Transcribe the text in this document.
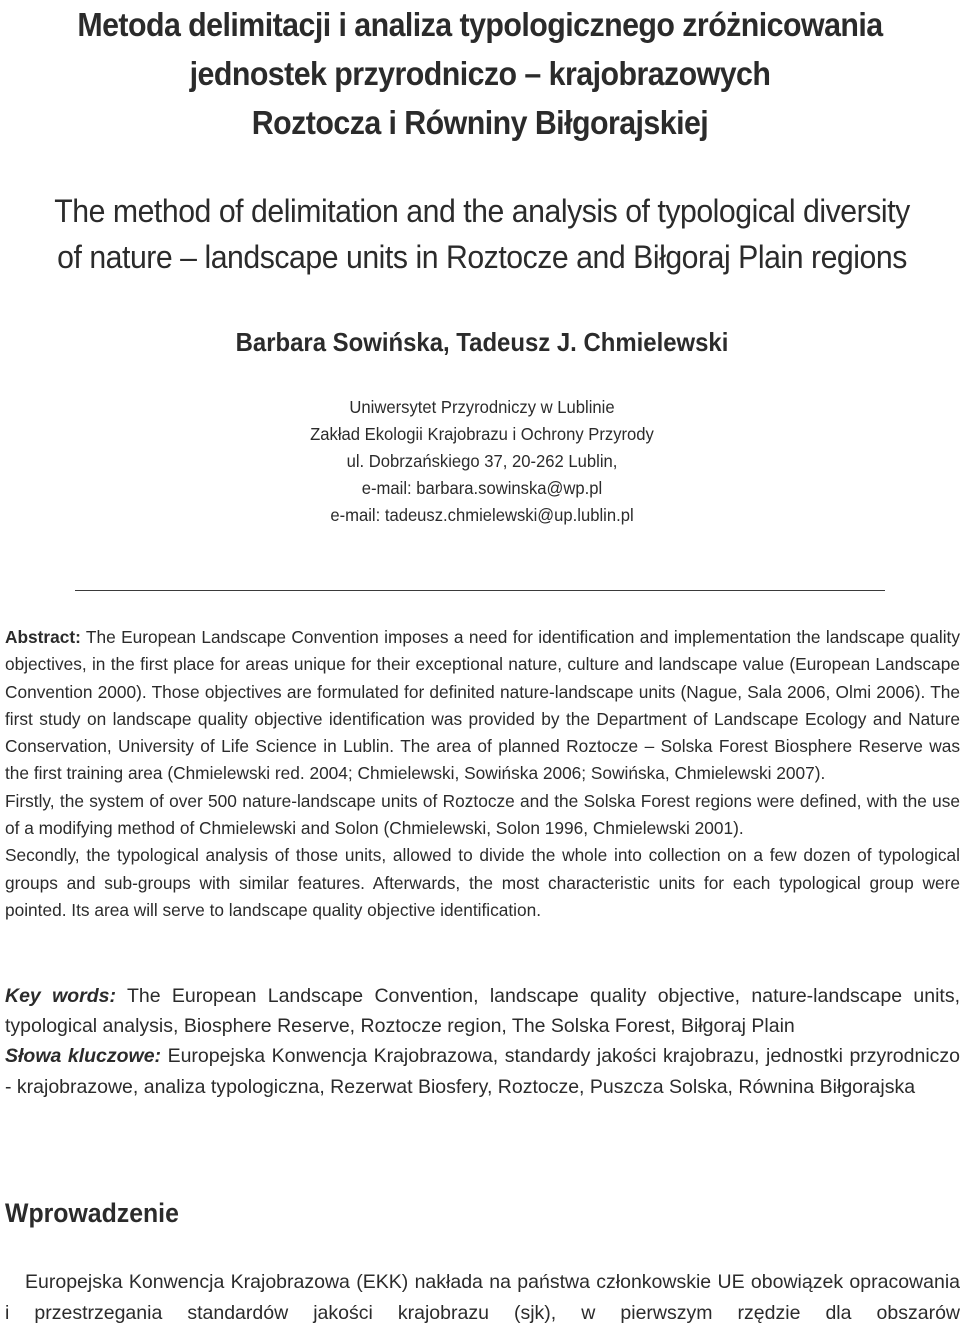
Metoda delimitacji i analiza typologicznego zróżnicowania
jednostek przyrodniczo – krajobrazowych
Roztocza i Równiny Biłgorajskiej
The method of delimitation and the analysis of typological diversity
of nature – landscape units in Roztocze and Biłgoraj Plain regions
Barbara Sowińska, Tadeusz J. Chmielewski
Uniwersytet Przyrodniczy w Lublinie
Zakład Ekologii Krajobrazu i Ochrony Przyrody
ul. Dobrzańskiego 37, 20-262 Lublin,
e-mail: barbara.sowinska@wp.pl
e-mail: tadeusz.chmielewski@up.lublin.pl

Abstract: The European Landscape Convention imposes a need for identification and implementation the landscape quality objectives, in the first place for areas unique for their exceptional nature, culture and landscape value (European Landscape Convention 2000). Those objectives are formulated for definited nature-landscape units (Nague, Sala 2006, Olmi 2006). The first study on landscape quality objective identification was provided by the Department of Landscape Ecology and Nature Conservation, University of Life Science in Lublin. The area of planned Roztocze – Solska Forest Biosphere Reserve was the first training area (Chmielewski red. 2004; Chmielewski, Sowińska 2006; Sowińska, Chmielewski 2007).

Firstly, the system of over 500 nature-landscape units of Roztocze and the Solska Forest regions were defined, with the use of a modifying method of Chmielewski and Solon (Chmielewski, Solon 1996, Chmielewski 2001).

Secondly, the typological analysis of those units, allowed to divide the whole into collection on a few dozen of typological groups and sub-groups with similar features. Afterwards, the most characteristic units for each typological group were pointed. Its area will serve to landscape quality objective identification.

Key words: The European Landscape Convention, landscape quality objective, nature-landscape units, typological analysis, Biosphere Reserve, Roztocze region, The Solska Forest, Biłgoraj Plain

Słowa kluczowe: Europejska Konwencja Krajobrazowa, standardy jakości krajobrazu, jednostki przyrodniczo - krajobrazowe, analiza typologiczna, Rezerwat Biosfery, Roztocze, Puszcza Solska, Równina Biłgorajska

Wprowadzenie
Europejska Konwencja Krajobrazowa (EKK) nakłada na państwa członkowskie UE obowiązek opracowania i przestrzegania standardów jakości krajobrazu (sjk), w pierwszym rzędzie dla obszarów
